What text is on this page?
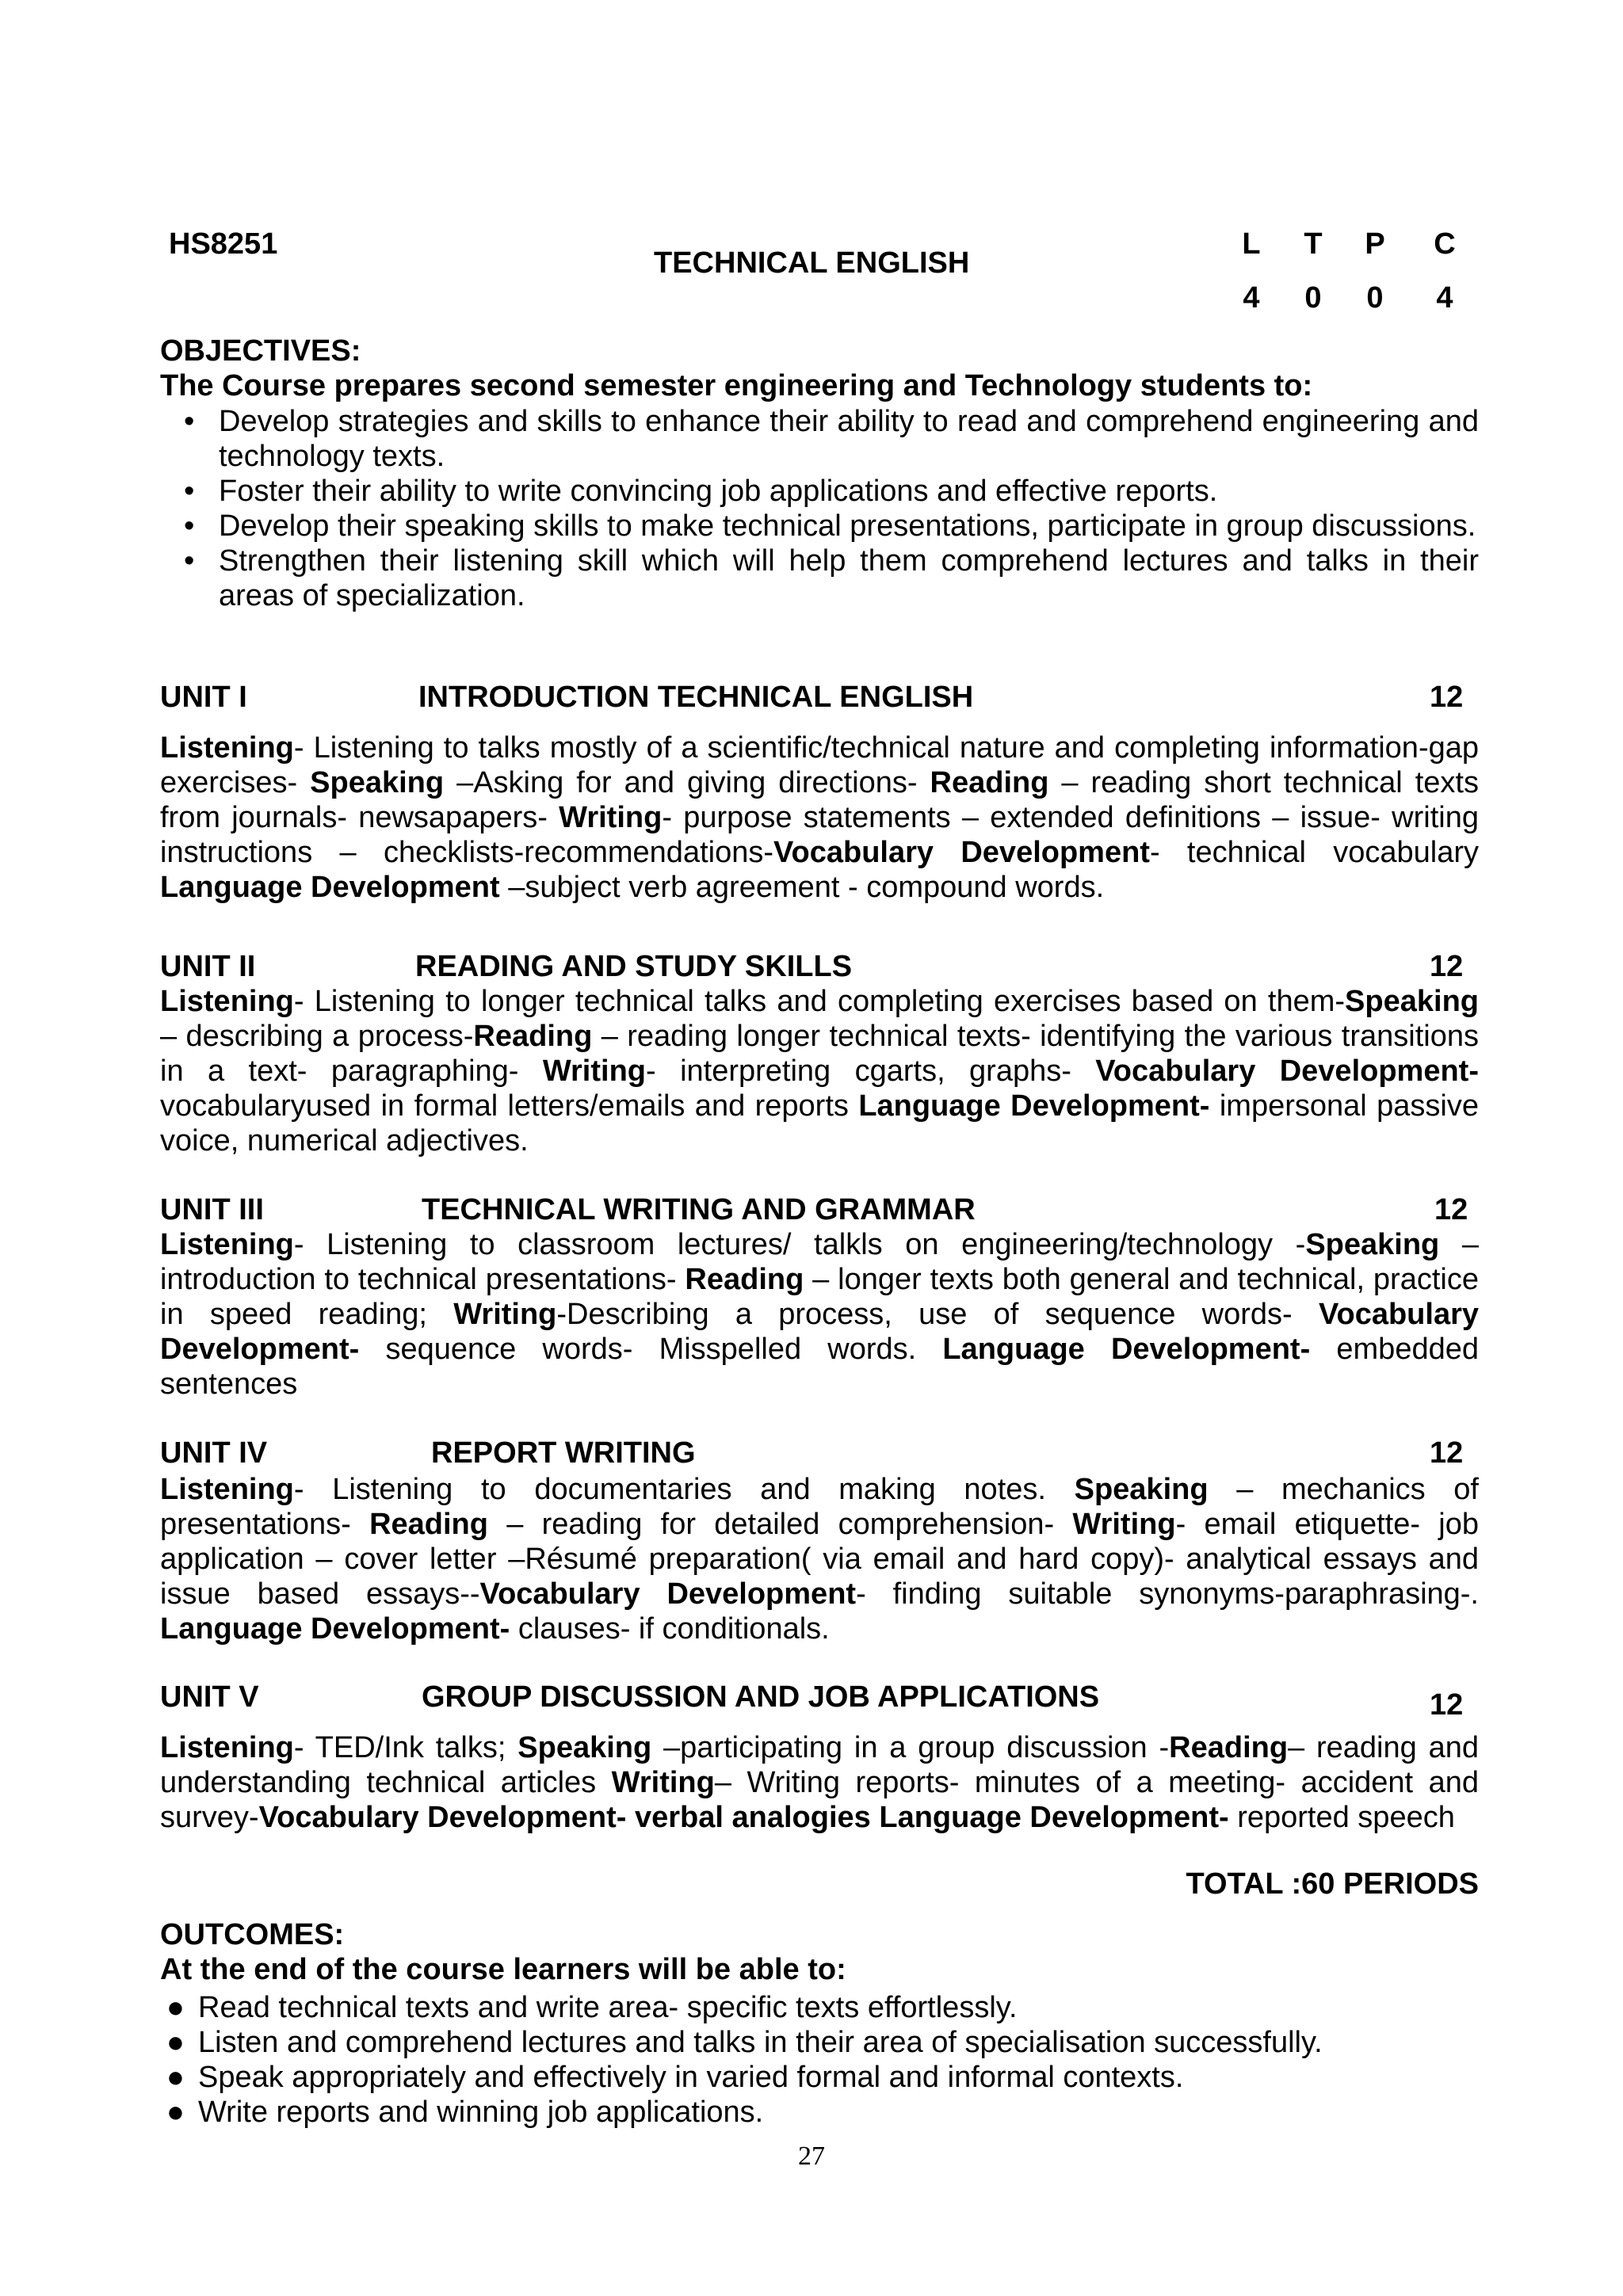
HS8251
TECHNICAL ENGLISH
L	T	P	C
4	0	0	4
OBJECTIVES:
The Course prepares second semester engineering and Technology students to:
• Develop strategies and skills to enhance their ability to read and comprehend engineering and technology texts.
• Foster their ability to write convincing job applications and effective reports.
• Develop their speaking skills to make technical presentations, participate in group discussions.
• Strengthen their listening skill which will help them comprehend lectures and talks in their areas of specialization.
UNIT I	INTRODUCTION TECHNICAL ENGLISH	12
Listening- Listening to talks mostly of a scientific/technical nature and completing information-gap exercises- Speaking –Asking for and giving directions- Reading – reading short technical texts from journals- newsapapers- Writing- purpose statements – extended definitions – issue- writing instructions – checklists-recommendations-Vocabulary Development- technical vocabulary Language Development –subject verb agreement - compound words.
UNIT II	READING AND STUDY SKILLS	12
Listening- Listening to longer technical talks and completing exercises based on them-Speaking – describing a process-Reading – reading longer technical texts- identifying the various transitions in a text- paragraphing- Writing- interpreting cgarts, graphs- Vocabulary Development- vocabularyused in formal letters/emails and reports Language Development- impersonal passive voice, numerical adjectives.
UNIT III	TECHNICAL WRITING AND GRAMMAR	12
Listening- Listening to classroom lectures/ talkls on engineering/technology -Speaking – introduction to technical presentations- Reading – longer texts both general and technical, practice in speed reading; Writing-Describing a process, use of sequence words- Vocabulary Development- sequence words- Misspelled words. Language Development- embedded sentences
UNIT IV	REPORT WRITING	12
Listening- Listening to documentaries and making notes. Speaking – mechanics of presentations- Reading – reading for detailed comprehension- Writing- email etiquette- job application – cover letter –Résumé preparation( via email and hard copy)- analytical essays and issue based essays--Vocabulary Development- finding suitable synonyms-paraphrasing-. Language Development- clauses- if conditionals.
UNIT V	GROUP DISCUSSION AND JOB APPLICATIONS	12
Listening- TED/Ink talks; Speaking –participating in a group discussion -Reading– reading and understanding technical articles Writing– Writing reports- minutes of a meeting- accident and survey-Vocabulary Development- verbal analogies Language Development- reported speech
TOTAL :60 PERIODS
OUTCOMES:
At the end of the course learners will be able to:
● Read technical texts and write area- specific texts effortlessly.
● Listen and comprehend lectures and talks in their area of specialisation successfully.
● Speak appropriately and effectively in varied formal and informal contexts.
● Write reports and winning job applications.
27
